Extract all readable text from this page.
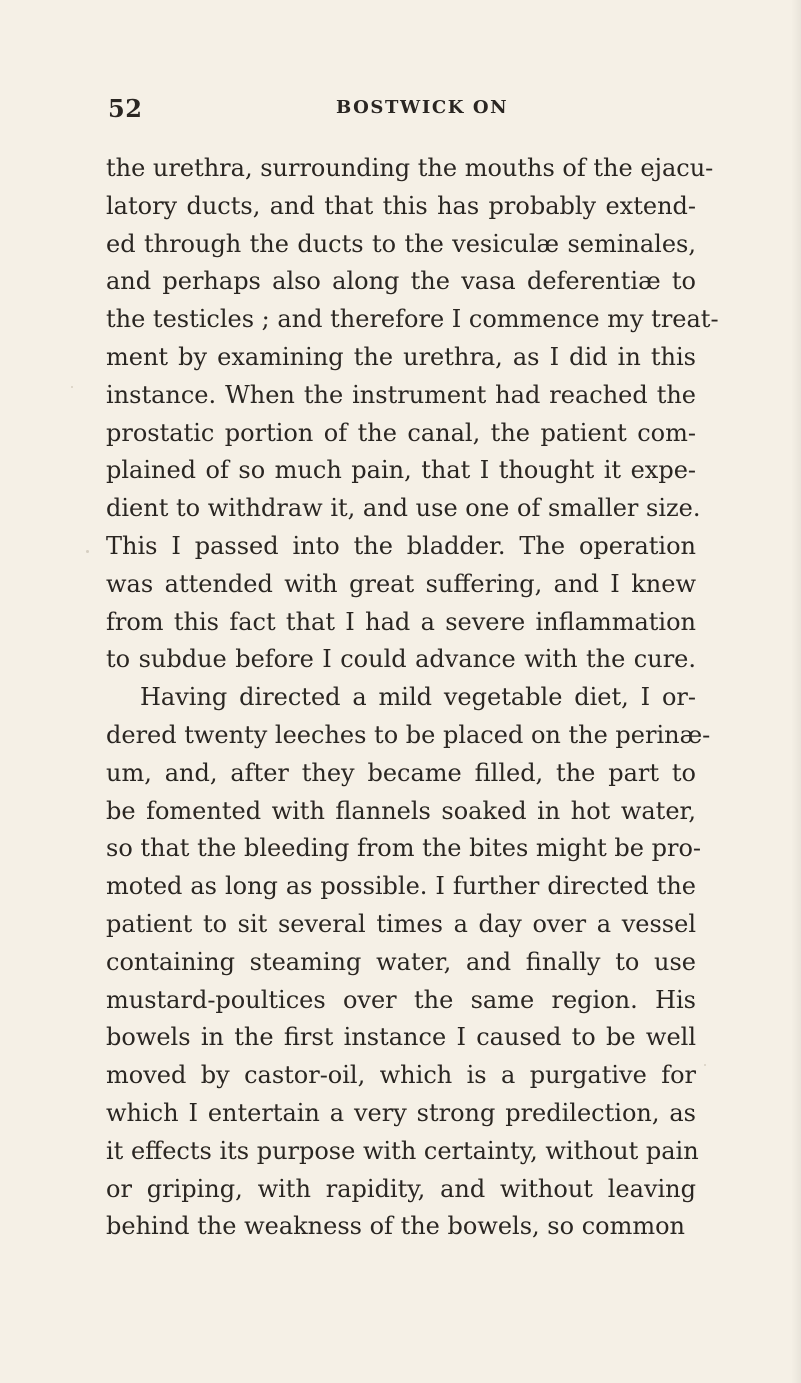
52	BOSTWICK ON
the urethra, surrounding the mouths of the ejacu-
latory ducts, and that this has probably extend-
ed through the ducts to the vesiculæ seminales,
and perhaps also along the vasa deferentiæ to
the testicles ; and therefore I commence my treat-
ment by examining the urethra, as I did in this
instance. When the instrument had reached the
prostatic portion of the canal, the patient com-
plained of so much pain, that I thought it expe-
dient to withdraw it, and use one of smaller size.
This I passed into the bladder. The operation
was attended with great suffering, and I knew
from this fact that I had a severe inflammation
to subdue before I could advance with the cure.
Having directed a mild vegetable diet, I or-
dered twenty leeches to be placed on the perinæ-
um, and, after they became filled, the part to
be fomented with flannels soaked in hot water,
so that the bleeding from the bites might be pro-
moted as long as possible. I further directed the
patient to sit several times a day over a vessel
containing steaming water, and finally to use
mustard-poultices over the same region. His
bowels in the first instance I caused to be well
moved by castor-oil, which is a purgative for
which I entertain a very strong predilection, as
it effects its purpose with certainty, without pain
or griping, with rapidity, and without leaving
behind the weakness of the bowels, so common
